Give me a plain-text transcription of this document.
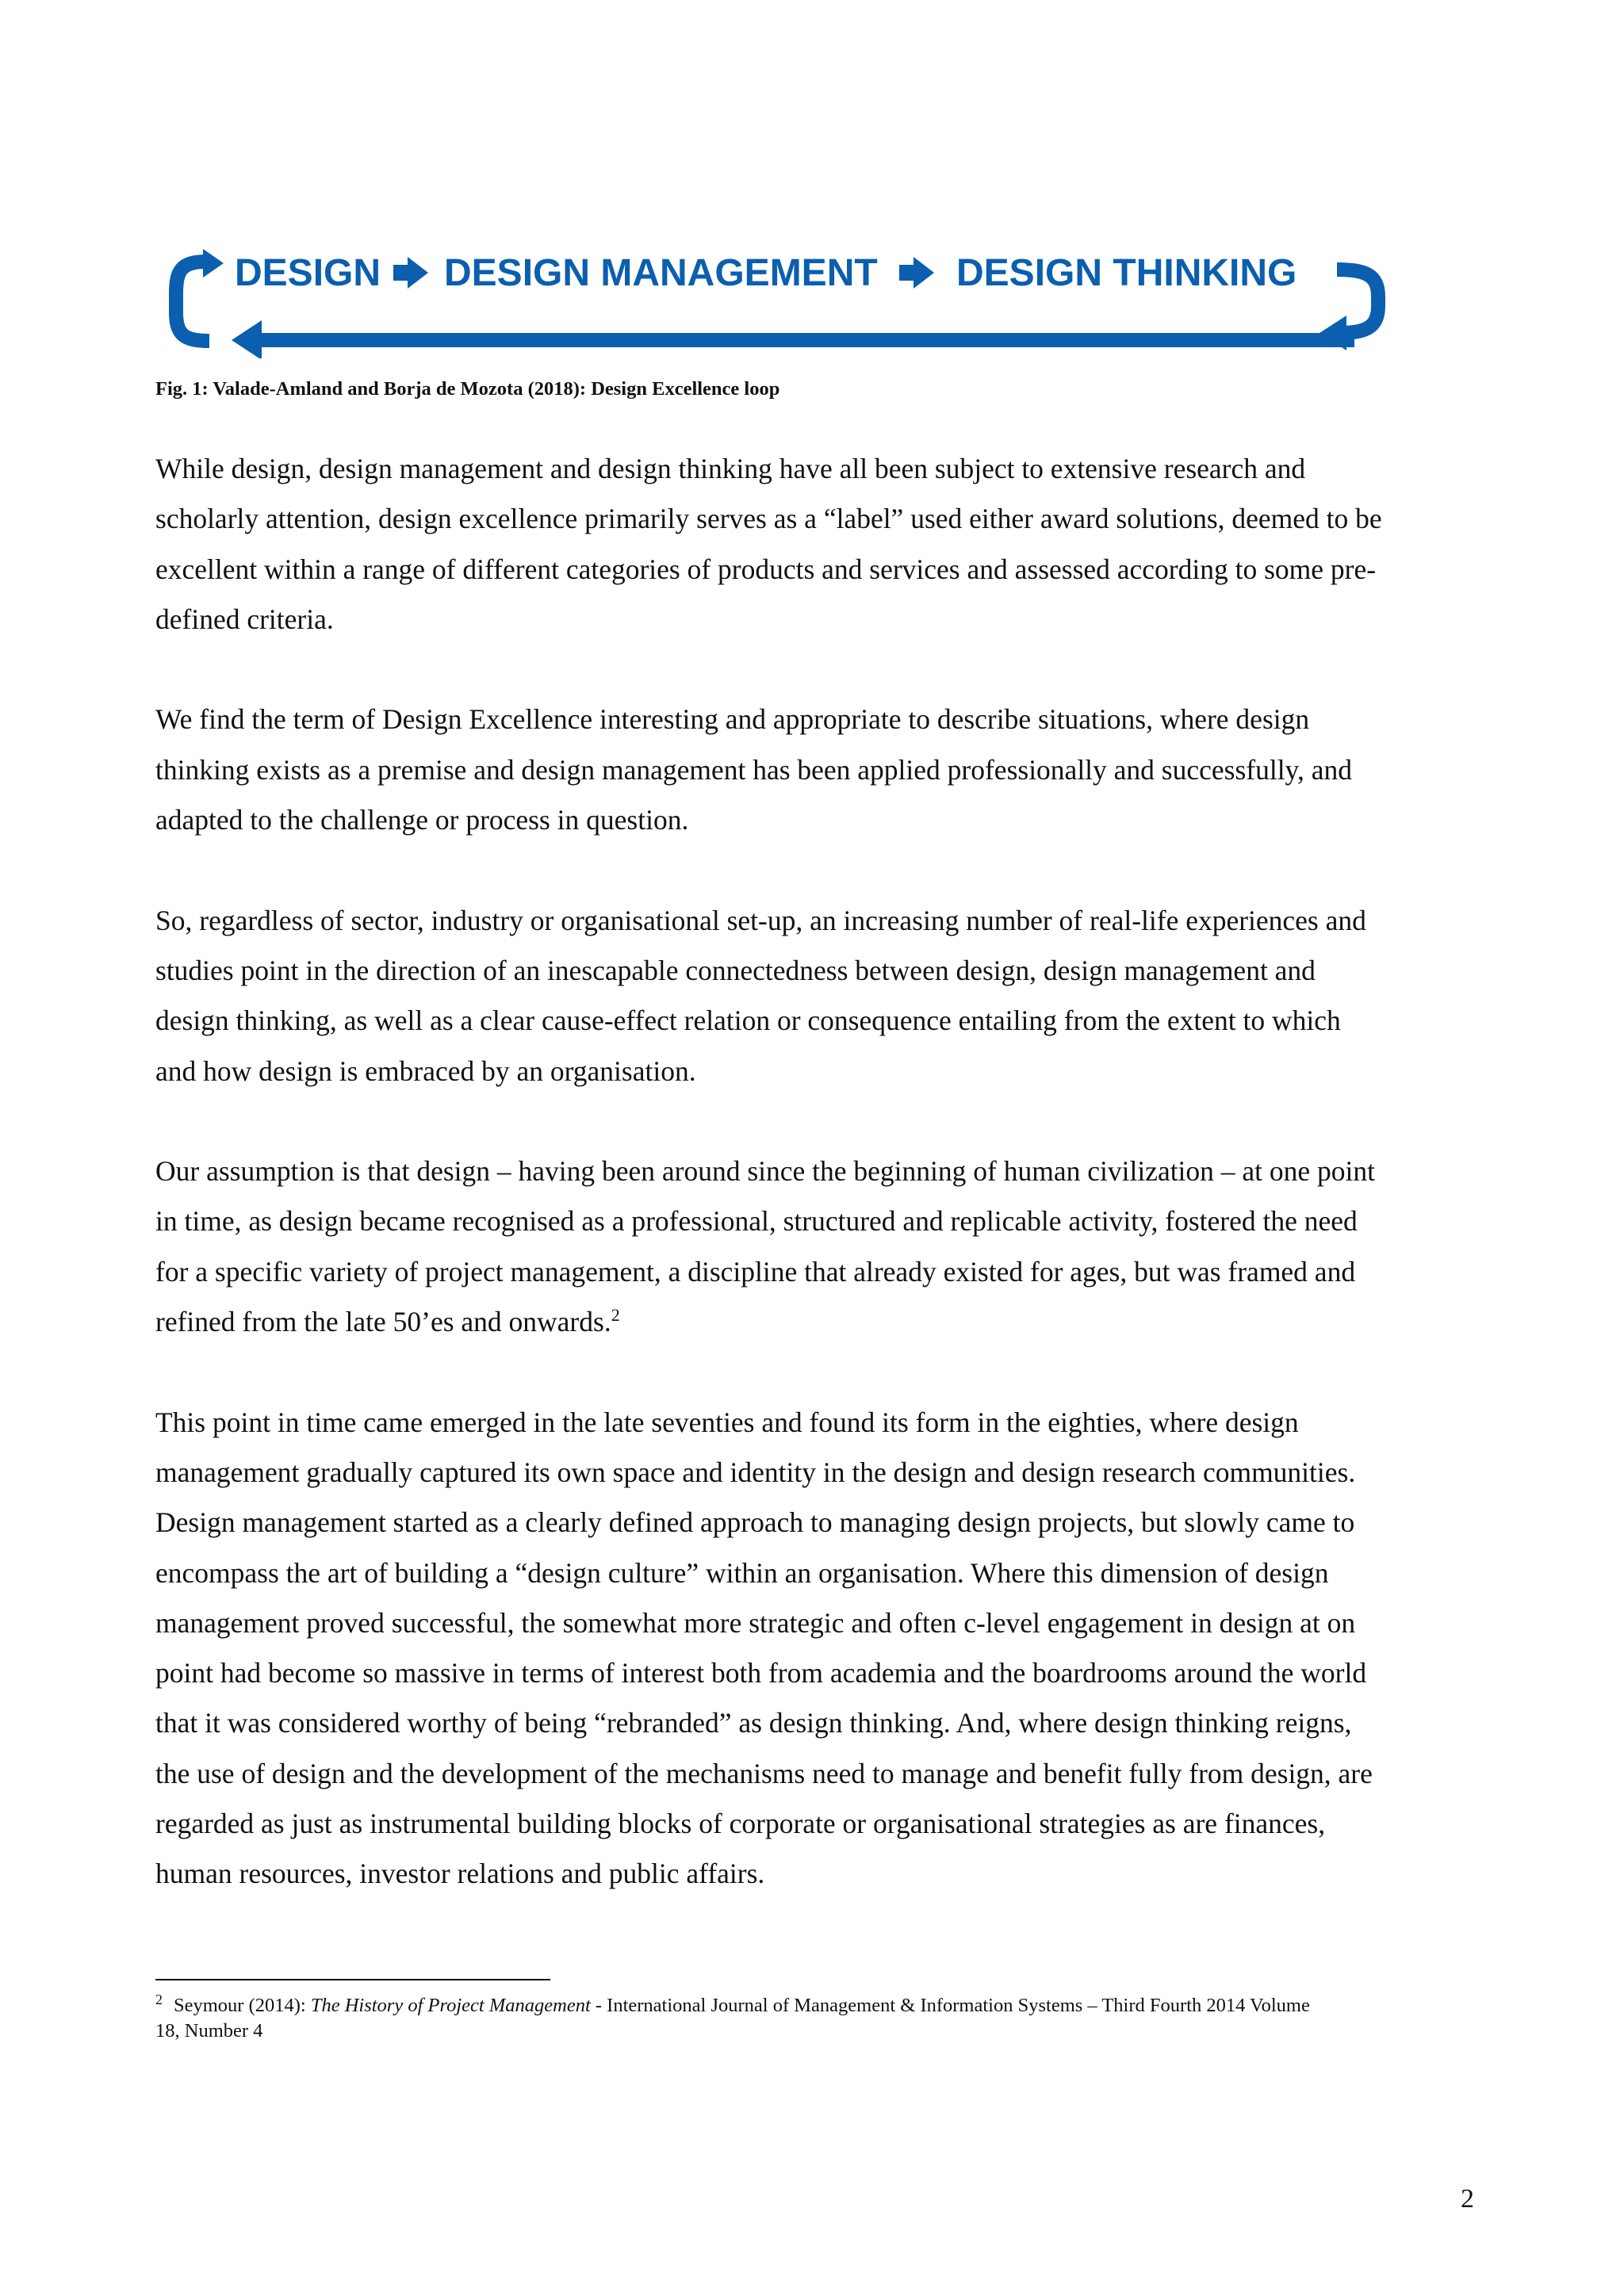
DESIGN DESIGN MANAGEMENT DESIGN THINKING
Fig. 1: Valade-Amland and Borja de Mozota (2018): Design Excellence loop

While design, design management and design thinking have all been subject to extensive research and
scholarly attention, design excellence primarily serves as a “label” used either award solutions, deemed to be
excellent within a range of different categories of products and services and assessed according to some pre-
defined criteria.

We find the term of Design Excellence interesting and appropriate to describe situations, where design
thinking exists as a premise and design management has been applied professionally and successfully, and
adapted to the challenge or process in question.

So, regardless of sector, industry or organisational set-up, an increasing number of real-life experiences and
studies point in the direction of an inescapable connectedness between design, design management and
design thinking, as well as a clear cause-effect relation or consequence entailing from the extent to which
and how design is embraced by an organisation.

Our assumption is that design – having been around since the beginning of human civilization – at one point
in time, as design became recognised as a professional, structured and replicable activity, fostered the need
for a specific variety of project management, a discipline that already existed for ages, but was framed and
refined from the late 50’es and onwards.$^2$

This point in time came emerged in the late seventies and found its form in the eighties, where design
management gradually captured its own space and identity in the design and design research communities.
Design management started as a clearly defined approach to managing design projects, but slowly came to
encompass the art of building a “design culture” within an organisation. Where this dimension of design
management proved successful, the somewhat more strategic and often c-level engagement in design at on
point had become so massive in terms of interest both from academia and the boardrooms around the world
that it was considered worthy of being “rebranded” as design thinking. And, where design thinking reigns,
the use of design and the development of the mechanisms need to manage and benefit fully from design, are
regarded as just as instrumental building blocks of corporate or organisational strategies as are finances,
human resources, investor relations and public affairs.

$^2$ Seymour (2014): The History of Project Management - International Journal of Management & Information Systems – Third Fourth 2014 Volume
18, Number 4
2
